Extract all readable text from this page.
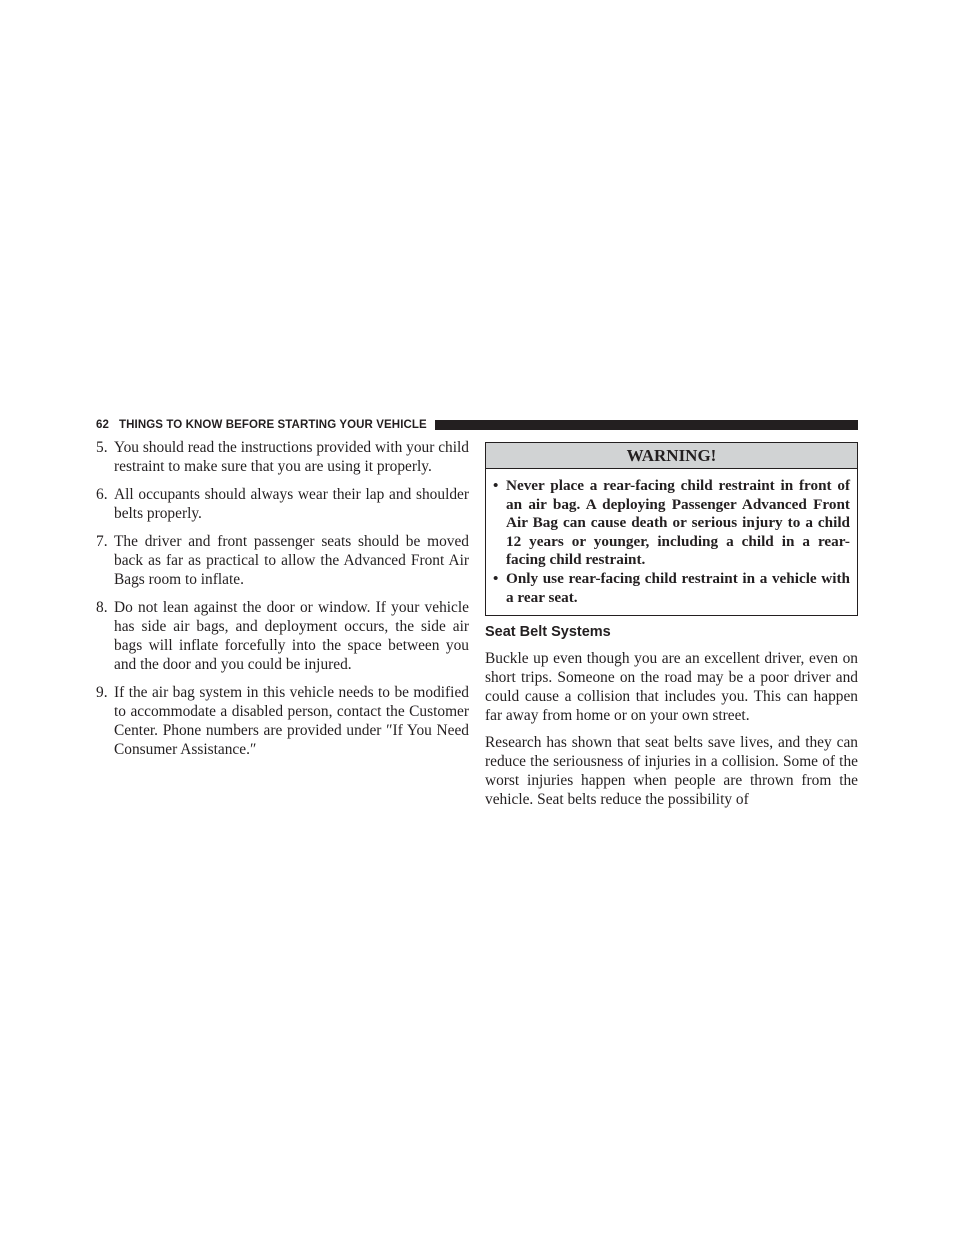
62 THINGS TO KNOW BEFORE STARTING YOUR VEHICLE
5. You should read the instructions provided with your child restraint to make sure that you are using it properly.
6. All occupants should always wear their lap and shoulder belts properly.
7. The driver and front passenger seats should be moved back as far as practical to allow the Advanced Front Air Bags room to inflate.
8. Do not lean against the door or window. If your vehicle has side air bags, and deployment occurs, the side air bags will inflate forcefully into the space between you and the door and you could be injured.
9. If the air bag system in this vehicle needs to be modified to accommodate a disabled person, contact the Customer Center. Phone numbers are provided under ″If You Need Consumer Assistance.″
WARNING!
• Never place a rear-facing child restraint in front of an air bag. A deploying Passenger Advanced Front Air Bag can cause death or serious injury to a child 12 years or younger, including a child in a rear-facing child restraint.
• Only use rear-facing child restraint in a vehicle with a rear seat.
Seat Belt Systems

Buckle up even though you are an excellent driver, even on short trips. Someone on the road may be a poor driver and could cause a collision that includes you. This can happen far away from home or on your own street.

Research has shown that seat belts save lives, and they can reduce the seriousness of injuries in a collision. Some of the worst injuries happen when people are thrown from the vehicle. Seat belts reduce the possibility of
